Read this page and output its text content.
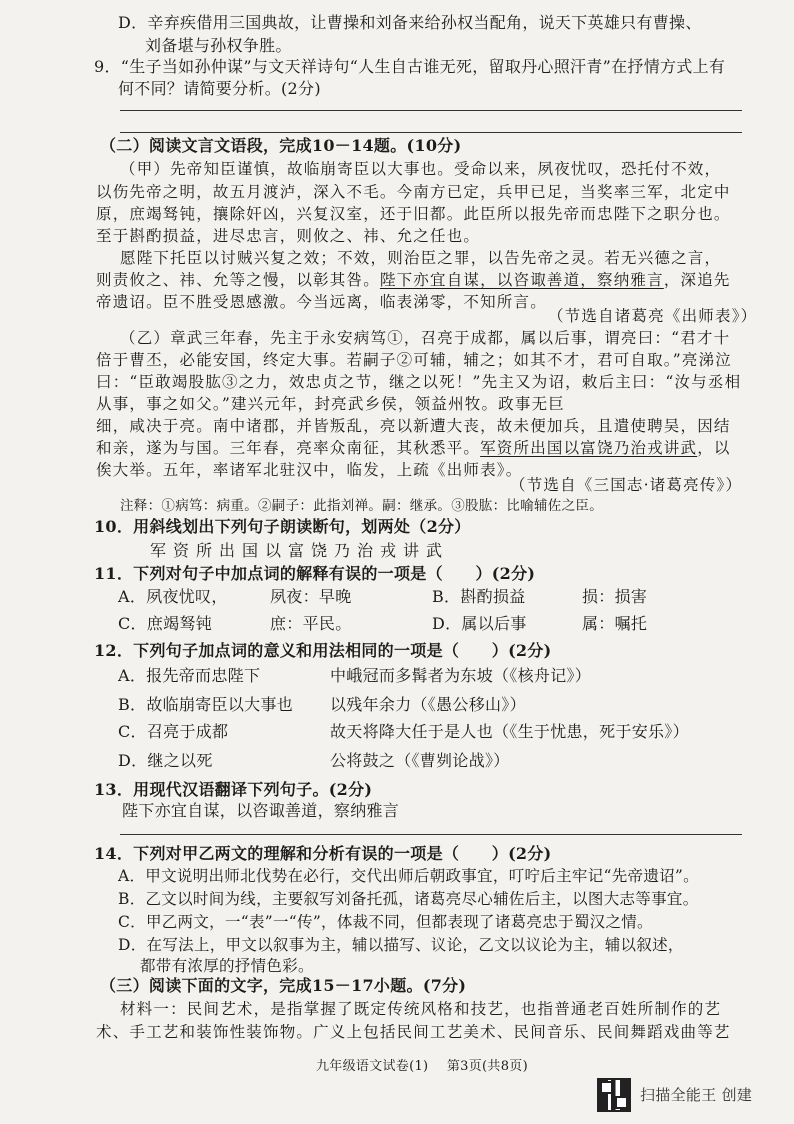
D．辛弃疾借用三国典故，让曹操和刘备来给孙权当配角，说天下英雄只有曹操、
刘备堪与孙权争胜。
9．“生子当如孙仲谋”与文天祥诗句“人生自古谁无死，留取丹心照汗青”在抒情方式上有
何不同？请简要分析。(2分)
（二）阅读文言文语段，完成10－14题。(10分)
（甲）先帝知臣谨慎，故临崩寄臣以大事也。受命以来，夙夜忧叹，恐托付不效，
以伤先帝之明，故五月渡泸，深入不毛。今南方已定，兵甲已足，当奖率三军，北定中
原，庶竭驽钝，攘除奸凶，兴复汉室，还于旧都。此臣所以报先帝而忠陛下之职分也。
至于斟酌损益，进尽忠言，则攸之、祎、允之任也。
愿陛下托臣以讨贼兴复之效；不效，则治臣之罪，以告先帝之灵。若无兴德之言，
则责攸之、祎、允等之慢，以彰其咎。陛下亦宜自谋，以咨诹善道，察纳雅言，深追先
帝遗诏。臣不胜受恩感激。今当远离，临表涕零，不知所言。
（节选自诸葛亮《出师表》）
（乙）章武三年春，先主于永安病笃①，召亮于成都，属以后事，谓亮曰：“君才十
倍于曹丕，必能安国，终定大事。若嗣子②可辅，辅之；如其不才，君可自取。”亮涕泣
曰：“臣敢竭股肱③之力，效忠贞之节，继之以死！”先主又为诏，敕后主曰：“汝与丞相
从事，事之如父。”建兴元年，封亮武乡侯，领益州牧。政事无巨
细，咸决于亮。南中诸郡，并皆叛乱，亮以新遭大丧，故未便加兵，且遣使聘吴，因结
和亲，遂为与国。三年春，亮率众南征，其秋悉平。军资所出国以富饶乃治戎讲武，以
俟大举。五年，率诸军北驻汉中，临发，上疏《出师表》。
（节选自《三国志·诸葛亮传》）
注释：①病笃：病重。②嗣子：此指刘禅。嗣：继承。③股肱：比喻辅佐之臣。
10．用斜线划出下列句子朗读断句，划两处（2分）
军资所出国以富饶乃治戎讲武
11．下列对句子中加点词的解释有误的一项是（　　）(2分)
A．夙夜忧叹，	夙夜：早晚	B．斟酌损益	损：损害
C．庶竭驽钝	庶：平民。	D．属以后事	属：嘱托
12．下列句子加点词的意义和用法相同的一项是（　　）(2分)
A．报先帝而忠陛下	中峨冠而多髯者为东坡（《核舟记》）
B．故临崩寄臣以大事也 以残年余力（《愚公移山》）
C．召亮于成都	故天将降大任于是人也（《生于忧患，死于安乐》）
D．继之以死	公将鼓之（《曹刿论战》）
13．用现代汉语翻译下列句子。(2分)
陛下亦宜自谋，以咨诹善道，察纳雅言
14．下列对甲乙两文的理解和分析有误的一项是（　　）(2分)
A．甲文说明出师北伐势在必行，交代出师后朝政事宜，叮咛后主牢记“先帝遗诏”。
B．乙文以时间为线，主要叙写刘备托孤，诸葛亮尽心辅佐后主，以图大志等事宜。
C．甲乙两文，一“表”一“传”，体裁不同，但都表现了诸葛亮忠于蜀汉之情。
D．在写法上，甲文以叙事为主，辅以描写、议论，乙文以议论为主，辅以叙述，
都带有浓厚的抒情色彩。
（三）阅读下面的文字，完成15－17小题。(7分)
材料一：民间艺术，是指掌握了既定传统风格和技艺，也指普通老百姓所制作的艺
术、手工艺和装饰性装饰物。广义上包括民间工艺美术、民间音乐、民间舞蹈戏曲等艺
九年级语文试卷(1) 第3页(共8页)
扫描全能王 创建
